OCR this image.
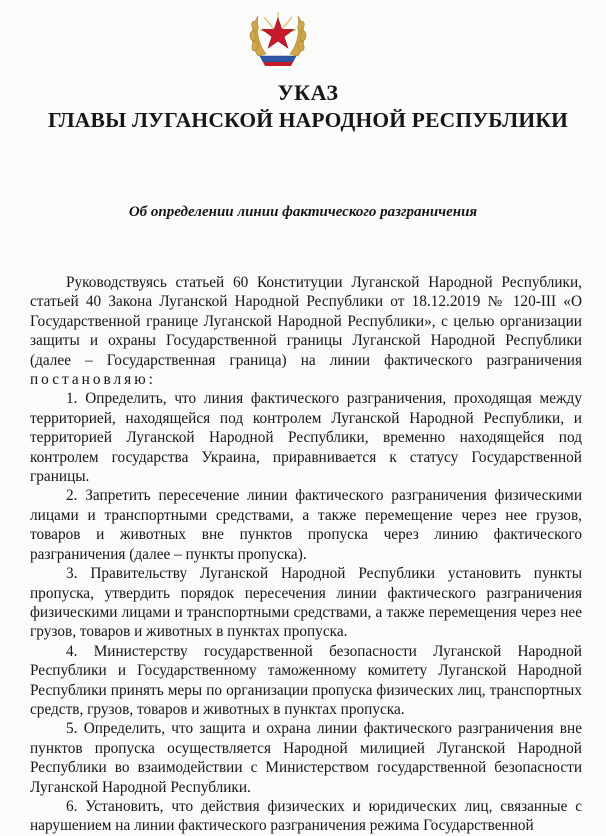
УКАЗ
ГЛАВЫ ЛУГАНСКОЙ НАРОДНОЙ РЕСПУБЛИКИ
Об определении линии фактического разграничения

Руководствуясь статьей 60 Конституции Луганской Народной Республики, статьей 40 Закона Луганской Народной Республики от 18.12.2019 № 120-III «О Государственной границе Луганской Народной Республики», с целью организации защиты и охраны Государственной границы Луганской Народной Республики (далее – Государственная граница) на линии фактического разграничения постановляю:

1. Определить, что линия фактического разграничения, проходящая между территорией, находящейся под контролем Луганской Народной Республики, и территорией Луганской Народной Республики, временно находящейся под контролем государства Украина, приравнивается к статусу Государственной границы.

2. Запретить пересечение линии фактического разграничения физическими лицами и транспортными средствами, а также перемещение через нее грузов, товаров и животных вне пунктов пропуска через линию фактического разграничения (далее – пункты пропуска).

3. Правительству Луганской Народной Республики установить пункты пропуска, утвердить порядок пересечения линии фактического разграничения физическими лицами и транспортными средствами, а также перемещения через нее грузов, товаров и животных в пунктах пропуска.

4. Министерству государственной безопасности Луганской Народной Республики и Государственному таможенному комитету Луганской Народной Республики принять меры по организации пропуска физических лиц, транспортных средств, грузов, товаров и животных в пунктах пропуска.

5. Определить, что защита и охрана линии фактического разграничения вне пунктов пропуска осуществляется Народной милицией Луганской Народной Республики во взаимодействии с Министерством государственной безопасности Луганской Народной Республики.

6. Установить, что действия физических и юридических лиц, связанные с нарушением на линии фактического разграничения режима Государственной
